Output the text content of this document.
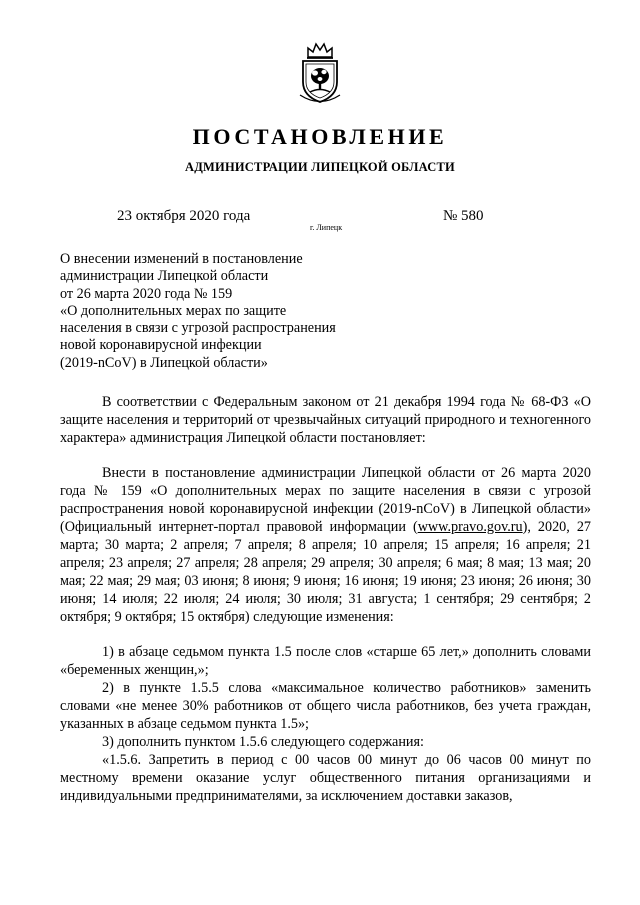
ПОСТАНОВЛЕНИЕ
АДМИНИСТРАЦИИ ЛИПЕЦКОЙ ОБЛАСТИ
23 октября 2020 года
г. Липецк
№ 580
О внесении изменений в постановление
администрации Липецкой области
от 26 марта 2020 года № 159
«О дополнительных мерах по защите
населения в связи с угрозой распространения
новой коронавирусной инфекции
(2019-nCoV) в Липецкой области»

В соответствии с Федеральным законом от 21 декабря 1994 года № 68-ФЗ «О защите населения и территорий от чрезвычайных ситуаций природного и техногенного характера» администрация Липецкой области постановляет:

Внести в постановление администрации Липецкой области от 26 марта 2020 года № 159 «О дополнительных мерах по защите населения в связи с угрозой распространения новой коронавирусной инфекции (2019-nCoV) в Липецкой области» (Официальный интернет-портал правовой информации (www.pravo.gov.ru), 2020, 27 марта; 30 марта; 2 апреля; 7 апреля; 8 апреля; 10 апреля; 15 апреля; 16 апреля; 21 апреля; 23 апреля; 27 апреля; 28 апреля; 29 апреля; 30 апреля; 6 мая; 8 мая; 13 мая; 20 мая; 22 мая; 29 мая; 03 июня; 8 июня; 9 июня; 16 июня; 19 июня; 23 июня; 26 июня; 30 июня; 14 июля; 22 июля; 24 июля; 30 июля; 31 августа; 1 сентября; 29 сентября; 2 октября; 9 октября; 15 октября) следующие изменения:

1) в абзаце седьмом пункта 1.5 после слов «старше 65 лет,» дополнить словами «беременных женщин,»;

2) в пункте 1.5.5 слова «максимальное количество работников» заменить словами «не менее 30% работников от общего числа работников, без учета граждан, указанных в абзаце седьмом пункта 1.5»;

3) дополнить пунктом 1.5.6 следующего содержания:

«1.5.6. Запретить в период с 00 часов 00 минут до 06 часов 00 минут по местному времени оказание услуг общественного питания организациями и индивидуальными предпринимателями, за исключением доставки заказов,
